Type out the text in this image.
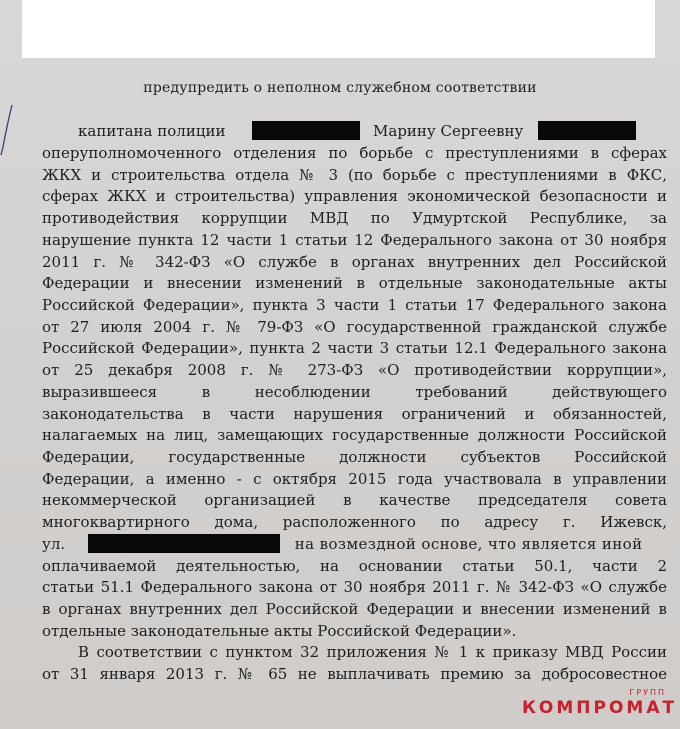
предупредить о неполном служебном соответствии
капитана полиции	Марину Сергеевну
оперуполномоченного отделения по борьбе с преступлениями в сферах
ЖКХ и строительства отдела № 3 (по борьбе с преступлениями в ФКС,
сферах ЖКХ и строительства) управления экономической безопасности и
противодействия коррупции МВД по Удмуртской Республике, за
нарушение пункта 12 части 1 статьи 12 Федерального закона от 30 ноября
2011 г. № 342-ФЗ «О службе в органах внутренних дел Российской
Федерации и внесении изменений в отдельные законодательные акты
Российской Федерации», пункта 3 части 1 статьи 17 Федерального закона
от 27 июля 2004 г. № 79-ФЗ «О государственной гражданской службе
Российской Федерации», пункта 2 части 3 статьи 12.1 Федерального закона
от 25 декабря 2008 г. № 273-ФЗ «О противодействии коррупции»,
выразившееся в несоблюдении требований действующего
законодательства в части нарушения ограничений и обязанностей,
налагаемых на лиц, замещающих государственные должности Российской
Федерации, государственные должности субъектов Российской
Федерации, а именно - с октября 2015 года участвовала в управлении
некоммерческой организацией в качестве председателя совета
многоквартирного дома, расположенного по адресу г. Ижевск,
ул.	на возмездной основе, что является иной
оплачиваемой деятельностью, на основании статьи 50.1, части 2
статьи 51.1 Федерального закона от 30 ноября 2011 г. № 342-ФЗ «О службе
в органах внутренних дел Российской Федерации и внесении изменений в
отдельные законодательные акты Российской Федерации».
В соответствии с пунктом 32 приложения № 1 к приказу МВД России
от 31 января 2013 г. № 65 не выплачивать премию за добросовестное
ГРУПП
КОМПРОМАТ
